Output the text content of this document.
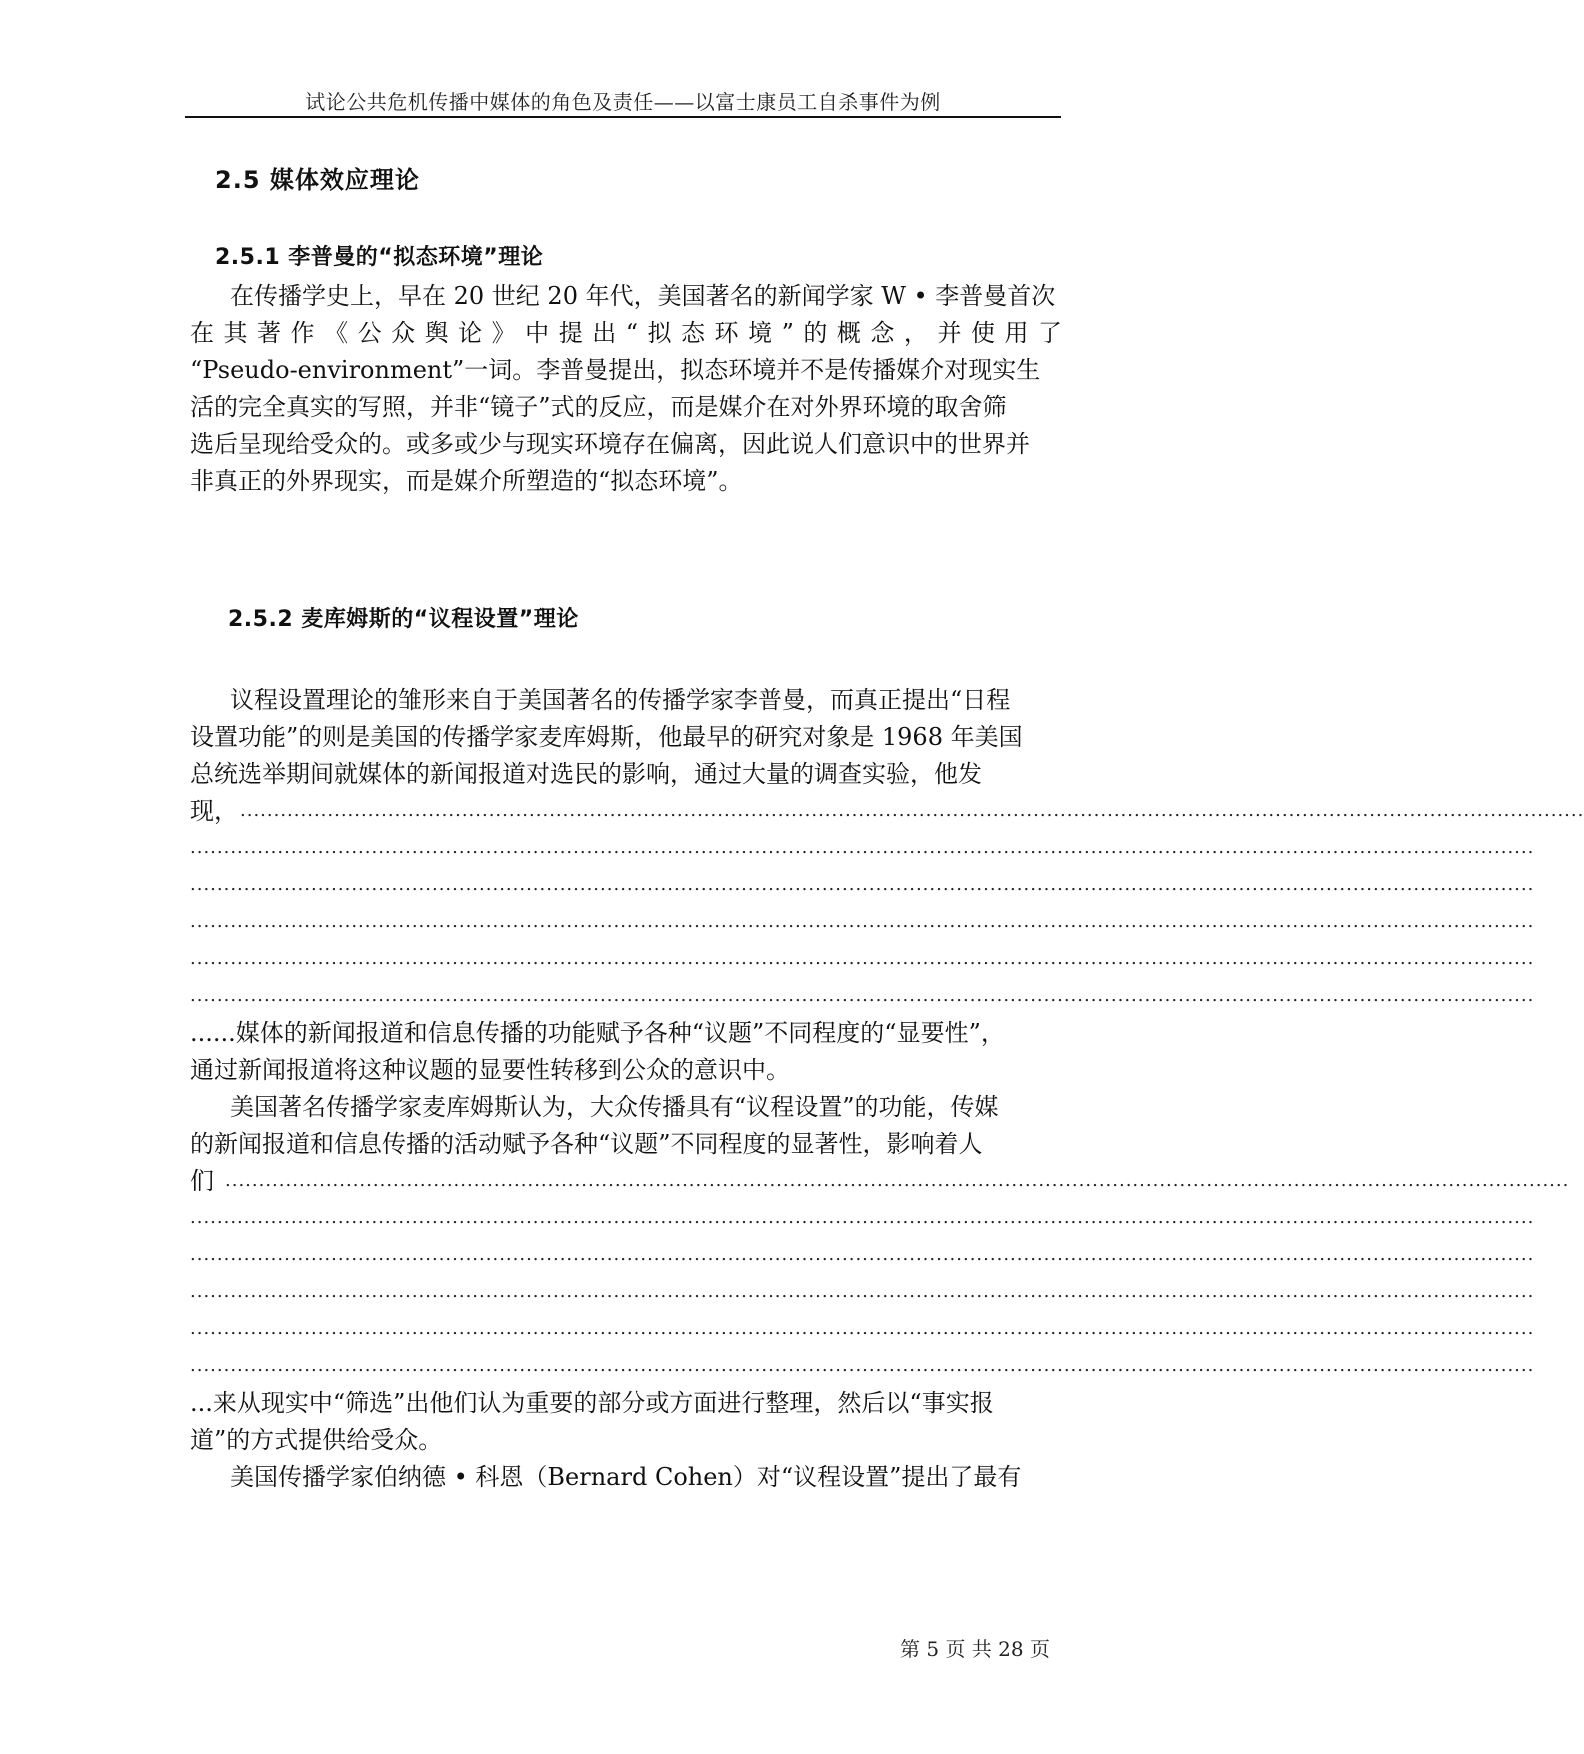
试论公共危机传播中媒体的角色及责任——以富士康员工自杀事件为例
2.5 媒体效应理论
2.5.1 李普曼的“拟态环境”理论
在传播学史上，早在 20 世纪 20 年代，美国著名的新闻学家 W • 李普曼首次
在其著作《公众舆论》中提出“拟态环境”的概念，并使用了
“Pseudo-environment”一词。李普曼提出，拟态环境并不是传播媒介对现实生
活的完全真实的写照，并非“镜子”式的反应，而是媒介在对外界环境的取舍筛
选后呈现给受众的。或多或少与现实环境存在偏离，因此说人们意识中的世界并
非真正的外界现实，而是媒介所塑造的“拟态环境”。
2.5.2 麦库姆斯的“议程设置”理论
议程设置理论的雏形来自于美国著名的传播学家李普曼，而真正提出“日程
设置功能”的则是美国的传播学家麦库姆斯，他最早的研究对象是 1968 年美国
总统选举期间就媒体的新闻报道对选民的影响，通过大量的调查实验，他发
现， ........................................................................................................................................................................................................
........................................................................................................................................................................................................
........................................................................................................................................................................................................
........................................................................................................................................................................................................
........................................................................................................................................................................................................
........................................................................................................................................................................................................
......媒体的新闻报道和信息传播的功能赋予各种“议题”不同程度的“显要性”，
通过新闻报道将这种议题的显要性转移到公众的意识中。
美国著名传播学家麦库姆斯认为，大众传播具有“议程设置”的功能，传媒
的新闻报道和信息传播的活动赋予各种“议题”不同程度的显著性，影响着人
们 ........................................................................................................................................................................................................
........................................................................................................................................................................................................
........................................................................................................................................................................................................
........................................................................................................................................................................................................
........................................................................................................................................................................................................
........................................................................................................................................................................................................
...来从现实中“筛选”出他们认为重要的部分或方面进行整理，然后以“事实报
道”的方式提供给受众。
美国传播学家伯纳德 • 科恩（Bernard Cohen）对“议程设置”提出了最有
第 5 页 共 28 页
